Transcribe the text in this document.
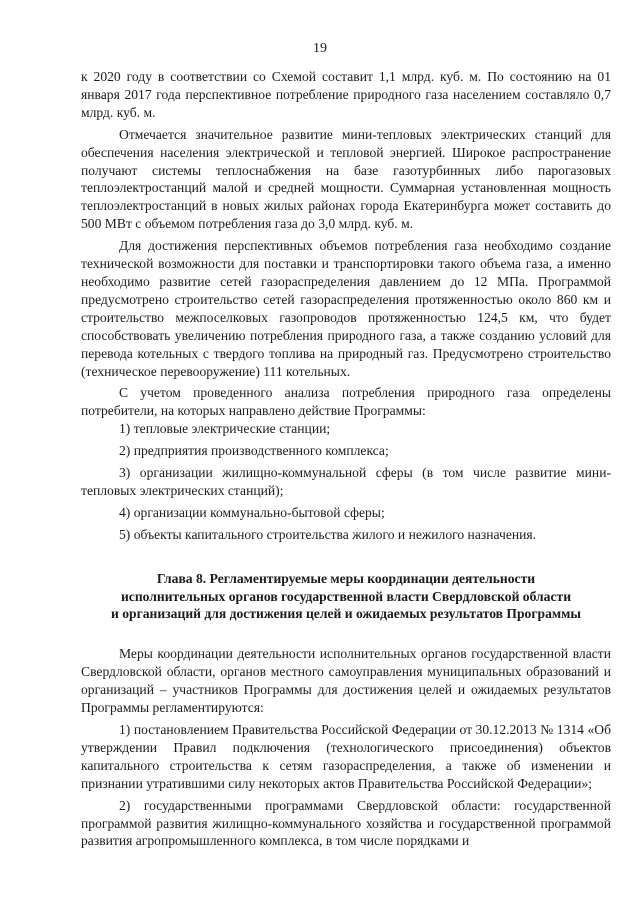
19

к 2020 году в соответствии со Схемой составит 1,1 млрд. куб. м. По состоянию на 01 января 2017 года перспективное потребление природного газа населением составляло 0,7 млрд. куб. м.

Отмечается значительное развитие мини-тепловых электрических станций для обеспечения населения электрической и тепловой энергией. Широкое распространение получают системы теплоснабжения на базе газотурбинных либо парогазовых теплоэлектростанций малой и средней мощности. Суммарная установленная мощность теплоэлектростанций в новых жилых районах города Екатеринбурга может составить до 500 МВт с объемом потребления газа до 3,0 млрд. куб. м.

Для достижения перспективных объемов потребления газа необходимо создание технической возможности для поставки и транспортировки такого объема газа, а именно необходимо развитие сетей газораспределения давлением до 12 МПа. Программой предусмотрено строительство сетей газораспределения протяженностью около 860 км и строительство межпоселковых газопроводов протяженностью 124,5 км, что будет способствовать увеличению потребления природного газа, а также созданию условий для перевода котельных с твердого топлива на природный газ. Предусмотрено строительство (техническое перевооружение) 111 котельных.

С учетом проведенного анализа потребления природного газа определены потребители, на которых направлено действие Программы:

1) тепловые электрические станции;

2) предприятия производственного комплекса;

3) организации жилищно-коммунальной сферы (в том числе развитие мини-тепловых электрических станций);

4) организации коммунально-бытовой сферы;

5) объекты капитального строительства жилого и нежилого назначения.

Глава 8. Регламентируемые меры координации деятельности
исполнительных органов государственной власти Свердловской области
и организаций для достижения целей и ожидаемых результатов Программы

Меры координации деятельности исполнительных органов государственной власти Свердловской области, органов местного самоуправления муниципальных образований и организаций – участников Программы для достижения целей и ожидаемых результатов Программы регламентируются:

1) постановлением Правительства Российской Федерации от 30.12.2013 № 1314 «Об утверждении Правил подключения (технологического присоединения) объектов капитального строительства к сетям газораспределения, а также об изменении и признании утратившими силу некоторых актов Правительства Российской Федерации»;

2) государственными программами Свердловской области: государственной программой развития жилищно-коммунального хозяйства и государственной программой развития агропромышленного комплекса, в том числе порядками и
